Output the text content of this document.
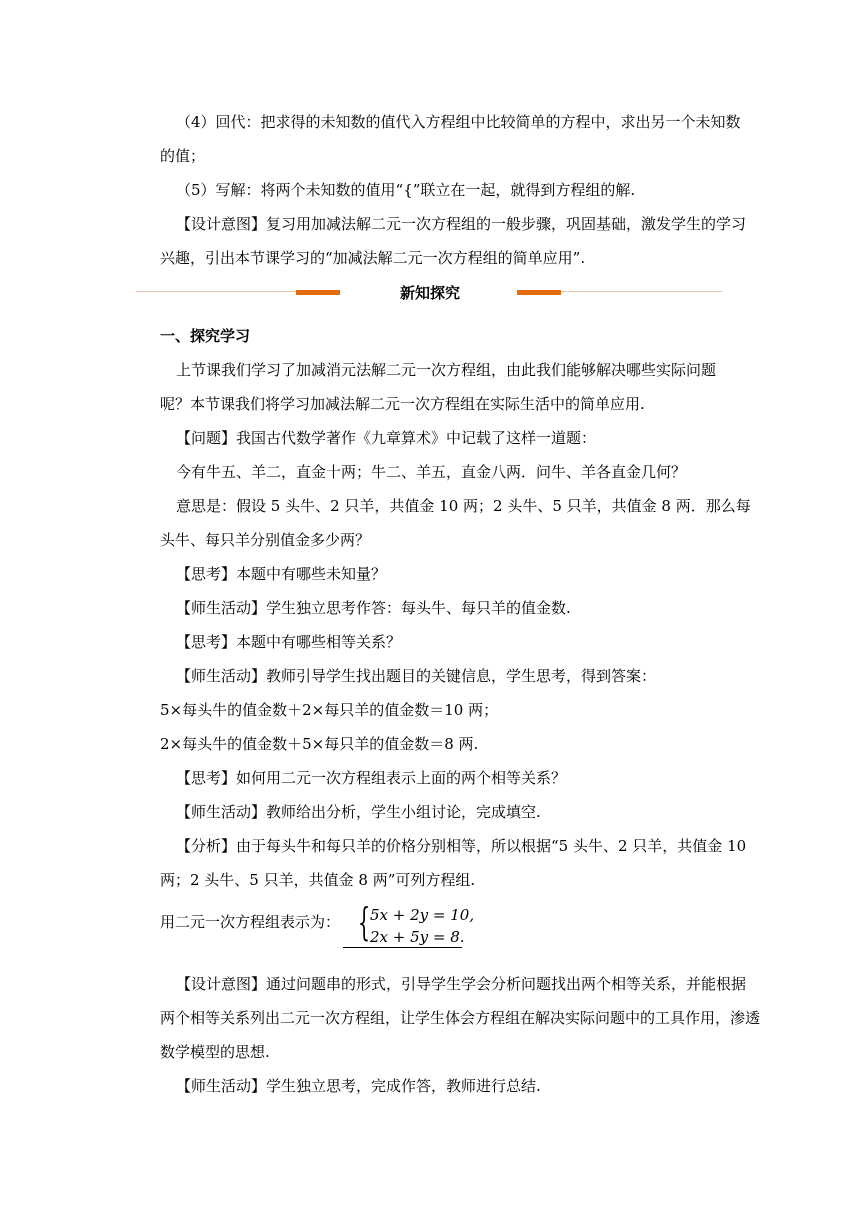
（4）回代：把求得的未知数的值代入方程组中比较简单的方程中，求出另一个未知数
的值；
（5）写解：将两个未知数的值用“{”联立在一起，就得到方程组的解.
【设计意图】复习用加减法解二元一次方程组的一般步骤，巩固基础，激发学生的学习
兴趣，引出本节课学习的“加减法解二元一次方程组的简单应用”.
新知探究
一、探究学习
上节课我们学习了加减消元法解二元一次方程组，由此我们能够解决哪些实际问题
呢？本节课我们将学习加减法解二元一次方程组在实际生活中的简单应用.
【问题】我国古代数学著作《九章算术》中记载了这样一道题：
今有牛五、羊二，直金十两；牛二、羊五，直金八两．问牛、羊各直金几何？
意思是：假设 5 头牛、2 只羊，共值金 10 两；2 头牛、5 只羊，共值金 8 两．那么每
头牛、每只羊分别值金多少两？
【思考】本题中有哪些未知量？
【师生活动】学生独立思考作答：每头牛、每只羊的值金数.
【思考】本题中有哪些相等关系？
【师生活动】教师引导学生找出题目的关键信息，学生思考，得到答案：
5×每头牛的值金数＋2×每只羊的值金数＝10 两；
2×每头牛的值金数＋5×每只羊的值金数＝8 两.
【思考】如何用二元一次方程组表示上面的两个相等关系？
【师生活动】教师给出分析，学生小组讨论，完成填空.
【分析】由于每头牛和每只羊的价格分别相等，所以根据“5 头牛、2 只羊，共值金 10
两；2 头牛、5 只羊，共值金 8 两”可列方程组.
用二元一次方程组表示为： { 5x + 2y = 10,
2x + 5y = 8.
【设计意图】通过问题串的形式，引导学生学会分析问题找出两个相等关系，并能根据
两个相等关系列出二元一次方程组，让学生体会方程组在解决实际问题中的工具作用，渗透
数学模型的思想.
【师生活动】学生独立思考，完成作答，教师进行总结.
